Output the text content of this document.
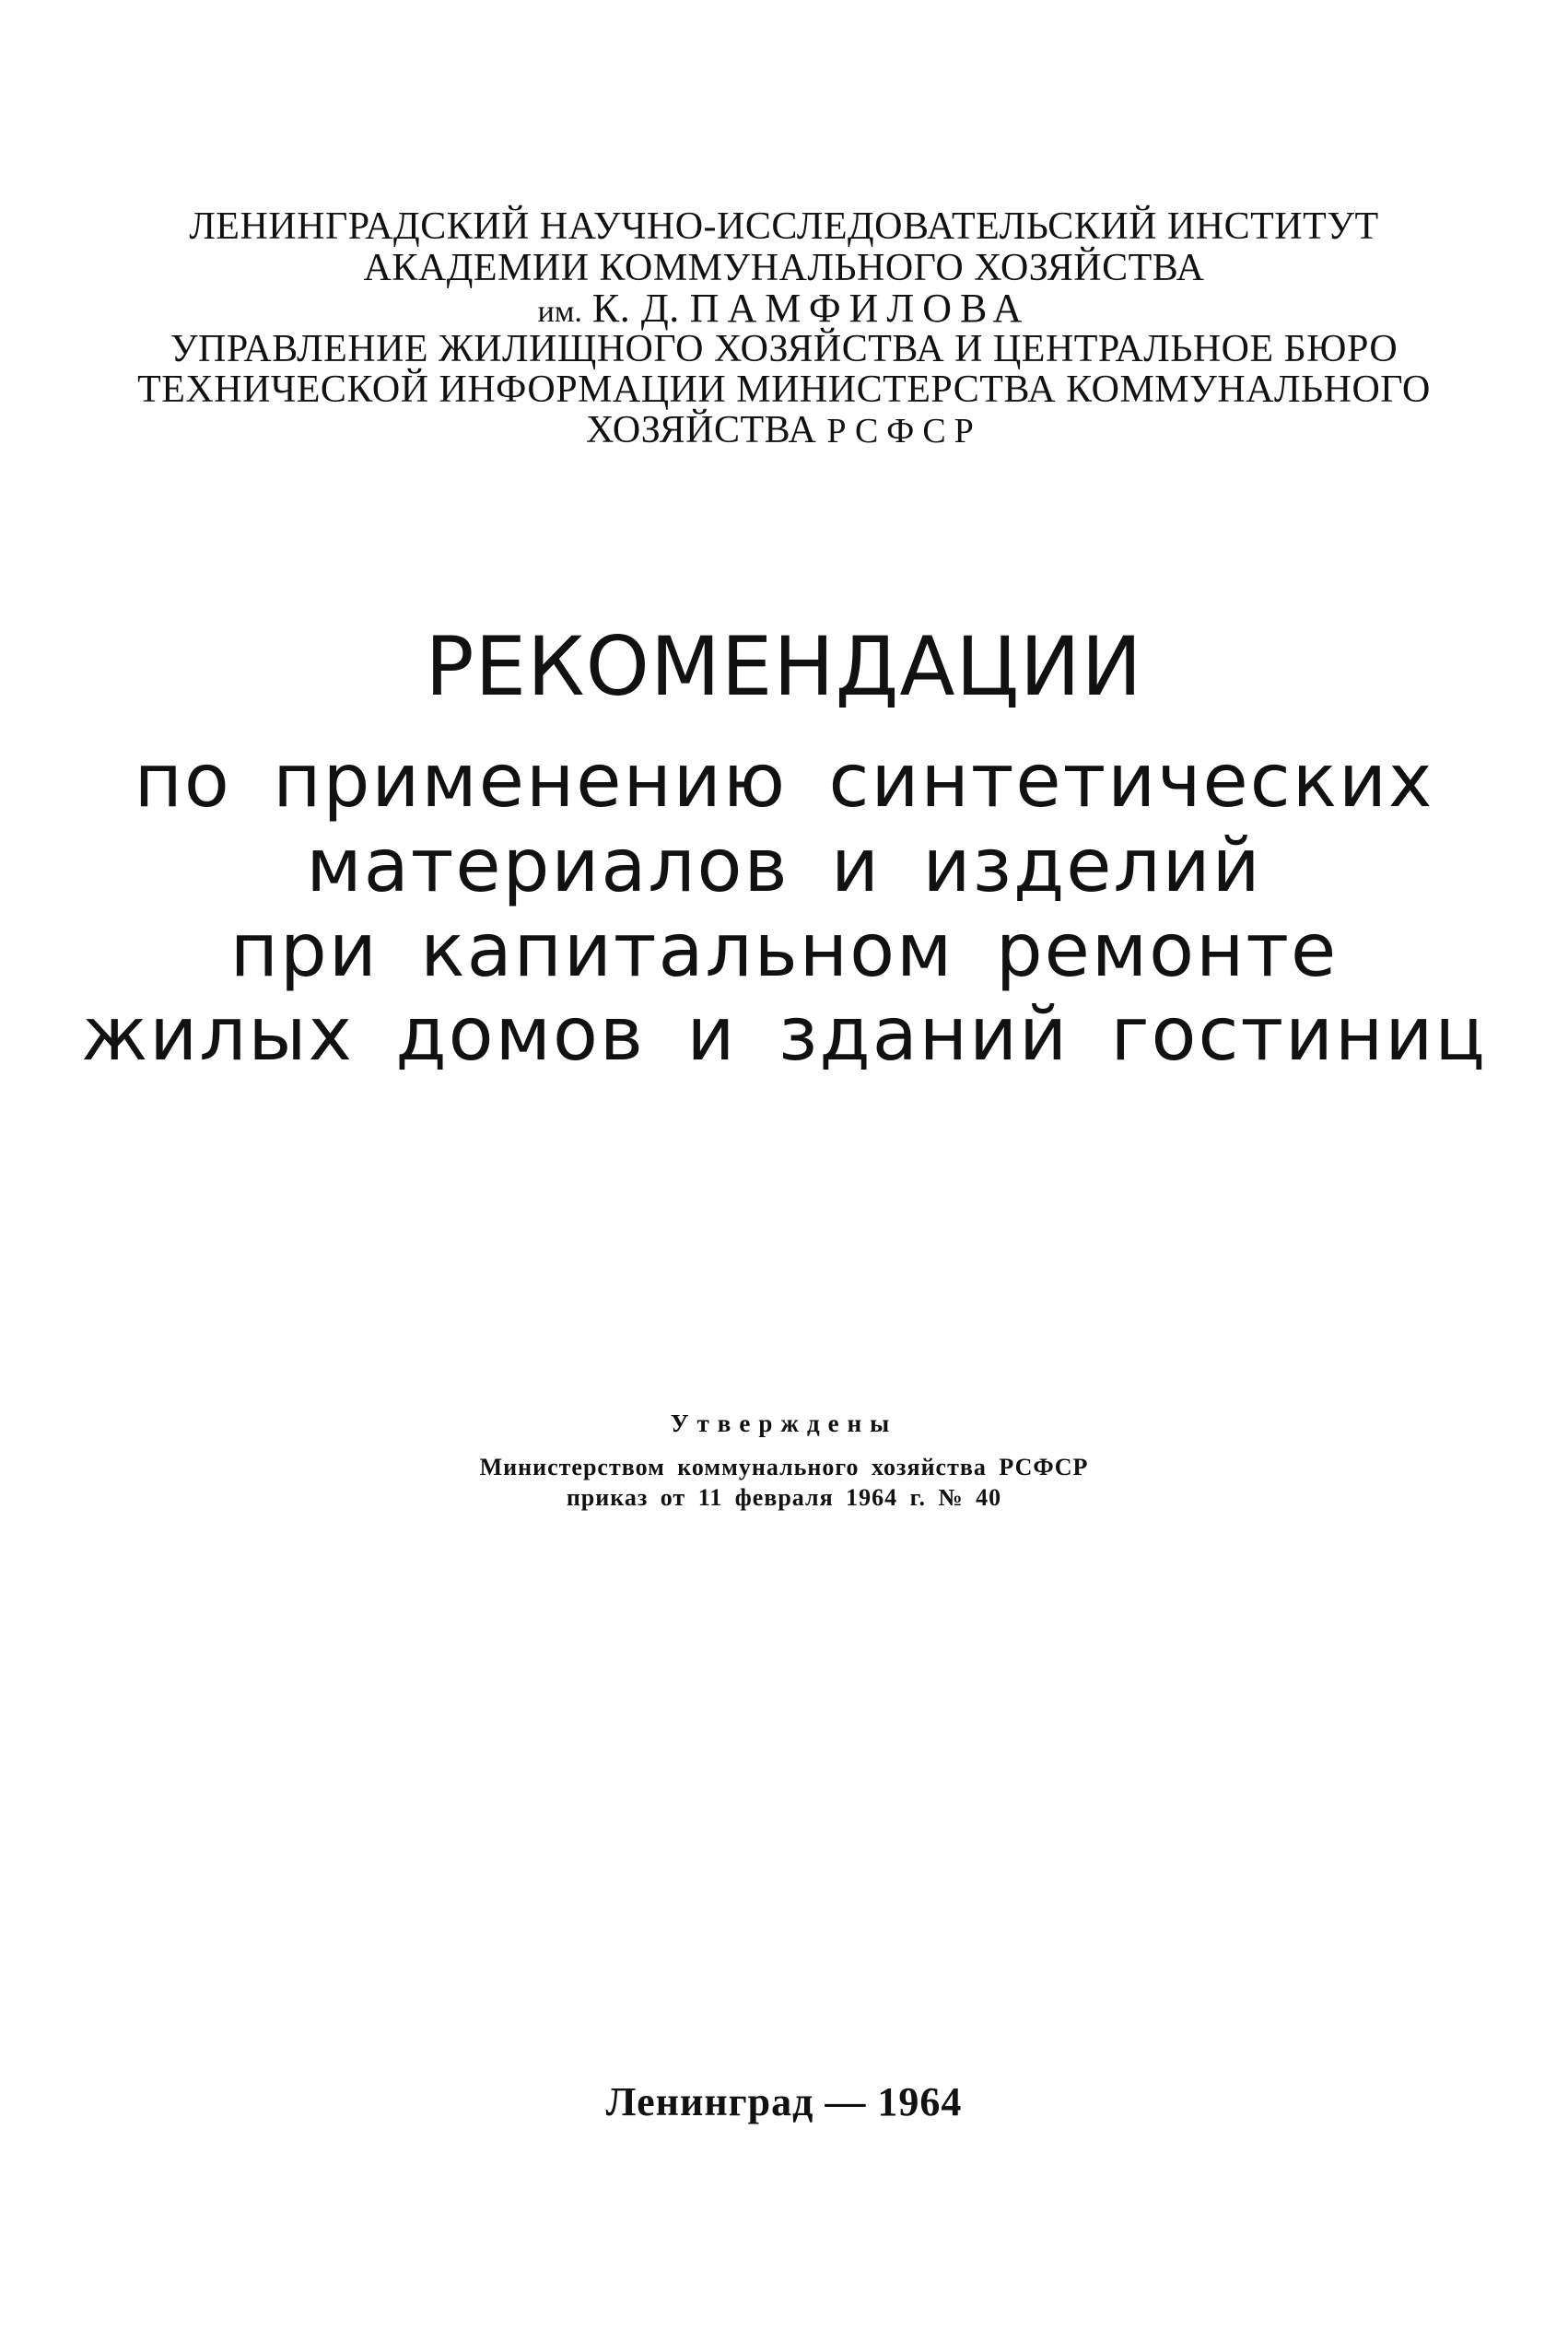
ЛЕНИНГРАДСКИЙ НАУЧНО-ИССЛЕДОВАТЕЛЬСКИЙ ИНСТИТУТ
АКАДЕМИИ КОММУНАЛЬНОГО ХОЗЯЙСТВА
им. К. Д. ПАМФИЛОВА
УПРАВЛЕНИЕ ЖИЛИЩНОГО ХОЗЯЙСТВА И ЦЕНТРАЛЬНОЕ БЮРО
ТЕХНИЧЕСКОЙ ИНФОРМАЦИИ МИНИСТЕРСТВА КОММУНАЛЬНОГО
ХОЗЯЙСТВА РСФСР
РЕКОМЕНДАЦИИ
по применению синтетических
материалов и изделий
при капитальном ремонте
жилых домов и зданий гостиниц
Утверждены
Министерством коммунального хозяйства РСФСР
приказ от 11 февраля 1964 г. № 40
Ленинград — 1964
